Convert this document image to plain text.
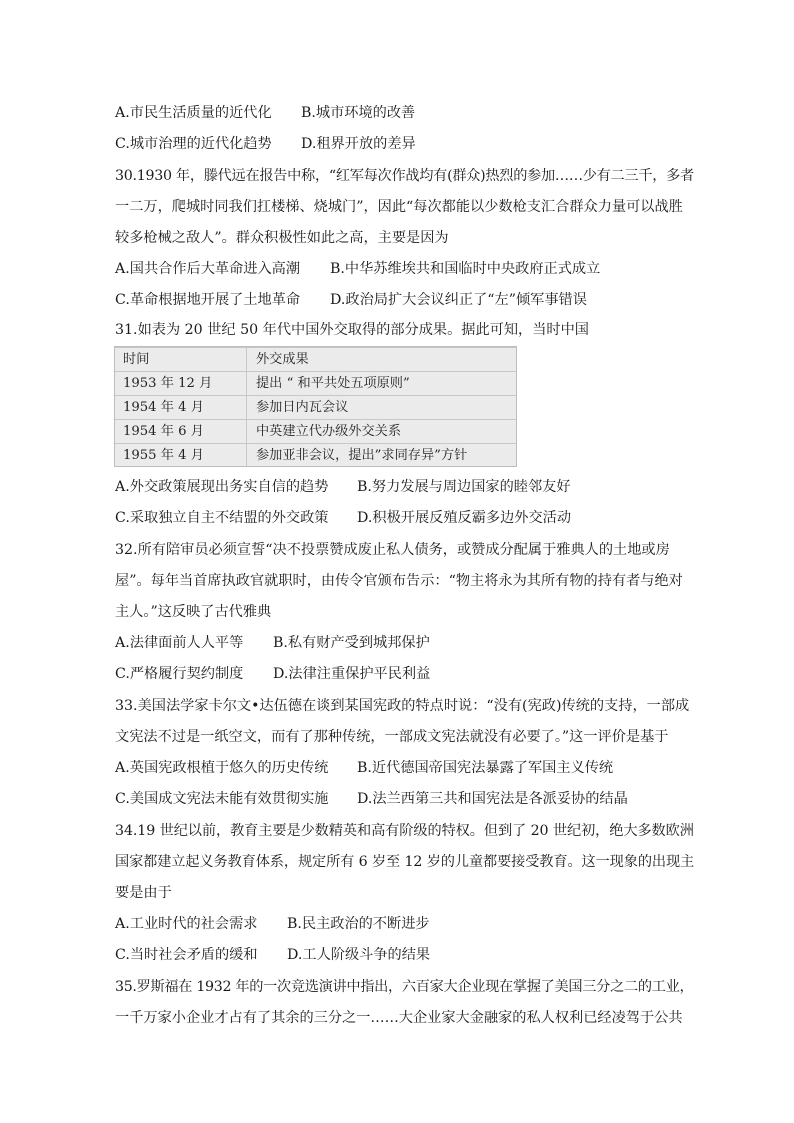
A.市民生活质量的近代化 B.城市环境的改善
C.城市治理的近代化趋势 D.租界开放的差异
30.1930 年，滕代远在报告中称，“红军每次作战均有(群众)热烈的参加……少有二三千，多者
一二万，爬城时同我们扛楼梯、烧城门”，因此“每次都能以少数枪支汇合群众力量可以战胜
较多枪械之敌人”。群众积极性如此之高，主要是因为
A.国共合作后大革命进入高潮 B.中华苏维埃共和国临时中央政府正式成立
C.革命根据地开展了土地革命 D.政治局扩大会议纠正了“左”倾军事错误
31.如表为 20 世纪 50 年代中国外交取得的部分成果。据此可知，当时中国
时间	外交成果
1953 年 12 月	提出 “ 和平共处五项原则”
1954 年 4 月	参加日内瓦会议
1954 年 6 月	中英建立代办级外交关系
1955 年 4 月	参加亚非会议，提出”求同存异”方针
A.外交政策展现出务实自信的趋势 B.努力发展与周边国家的睦邻友好
C.采取独立自主不结盟的外交政策 D.积极开展反殖反霸多边外交活动
32.所有陪审员必须宣誓“决不投票赞成废止私人债务，或赞成分配属于雅典人的土地或房
屋”。每年当首席执政官就职时，由传令官颁布告示：“物主将永为其所有物的持有者与绝对
主人。”这反映了古代雅典
A.法律面前人人平等 B.私有财产受到城邦保护
C.严格履行契约制度 D.法律注重保护平民利益
33.美国法学家卡尔文•达伍德在谈到某国宪政的特点时说：“没有(宪政)传统的支持，一部成
文宪法不过是一纸空文，而有了那种传统，一部成文宪法就没有必要了。”这一评价是基于
A.英国宪政根植于悠久的历史传统 B.近代德国帝国宪法暴露了军国主义传统
C.美国成文宪法未能有效贯彻实施 D.法兰西第三共和国宪法是各派妥协的结晶
34.19 世纪以前，教育主要是少数精英和高有阶级的特权。但到了 20 世纪初，绝大多数欧洲
国家都建立起义务教育体系，规定所有 6 岁至 12 岁的儿童都要接受教育。这一现象的出现主
要是由于
A.工业时代的社会需求 B.民主政治的不断进步
C.当时社会矛盾的缓和 D.工人阶级斗争的结果
35.罗斯福在 1932 年的一次竞选演讲中指出，六百家大企业现在掌握了美国三分之二的工业，
一千万家小企业才占有了其余的三分之一……大企业家大金融家的私人权利已经凌驾于公共
